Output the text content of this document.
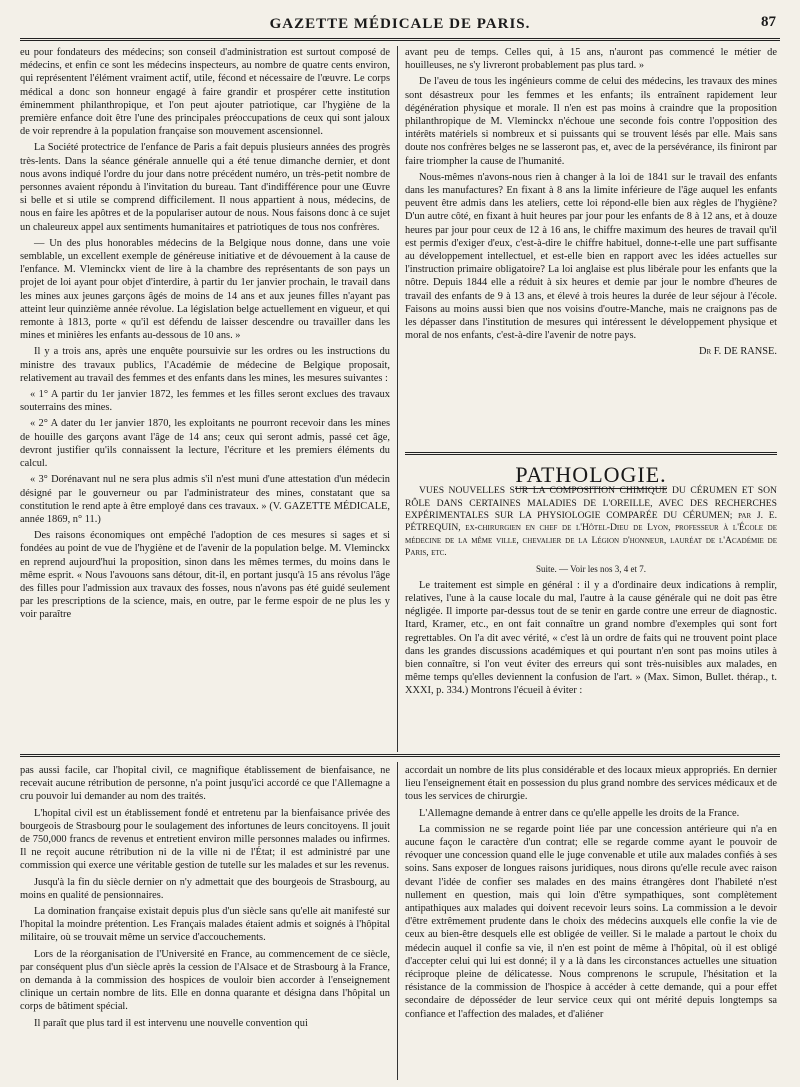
GAZETTE MÉDICALE DE PARIS.	87

eu pour fondateurs des médecins; son conseil d'administration est surtout composé de médecins, et enfin ce sont les médecins inspecteurs, au nombre de quatre cents environ, qui représentent l'élément vraiment actif, utile, fécond et nécessaire de l'œuvre. Le corps médical a donc son honneur engagé à faire grandir et prospérer cette institution éminemment philanthropique, et l'on peut ajouter patriotique, car l'hygiène de la première enfance doit être l'une des principales préoccupations de ceux qui sont jaloux de voir reprendre à la population française son mouvement ascensionnel.

La Société protectrice de l'enfance de Paris a fait depuis plusieurs années des progrès très-lents. Dans la séance générale annuelle qui a été tenue dimanche dernier, et dont nous avons indiqué l'ordre du jour dans notre précédent numéro, un très-petit nombre de personnes avaient répondu à l'invitation du bureau. Tant d'indifférence pour une Œuvre si belle et si utile se comprend difficilement. Il nous appartient à nous, médecins, de nous en faire les apôtres et de la populariser autour de nous. Nous faisons donc à ce sujet un chaleureux appel aux sentiments humanitaires et patriotiques de tous nos confrères.

— Un des plus honorables médecins de la Belgique nous donne, dans une voie semblable, un excellent exemple de généreuse initiative et de dévouement à la cause de l'enfance. M. Vleminckx vient de lire à la chambre des représentants de son pays un projet de loi ayant pour objet d'interdire, à partir du 1er janvier prochain, le travail dans les mines aux jeunes garçons âgés de moins de 14 ans et aux jeunes filles n'ayant pas atteint leur quinzième année révolue. La législation belge actuellement en vigueur, et qui remonte à 1813, porte « qu'il est défendu de laisser descendre ou travailler dans les mines et minières les enfants au-dessous de 10 ans. »

Il y a trois ans, après une enquête poursuivie sur les ordres ou les instructions du ministre des travaux publics, l'Académie de médecine de Belgique proposait, relativement au travail des femmes et des enfants dans les mines, les mesures suivantes :

« 1° A partir du 1er janvier 1872, les femmes et les filles seront exclues des travaux souterrains des mines.

« 2° A dater du 1er janvier 1870, les exploitants ne pourront recevoir dans les mines de houille des garçons avant l'âge de 14 ans; ceux qui seront admis, passé cet âge, devront justifier qu'ils connaissent la lecture, l'écriture et les premiers éléments du calcul.

« 3° Dorénavant nul ne sera plus admis s'il n'est muni d'une attestation d'un médecin désigné par le gouverneur ou par l'administrateur des mines, constatant que sa constitution le rend apte à être employé dans ces travaux. » (V. GAZETTE MÉDICALE, année 1869, n° 11.)

Des raisons économiques ont empêché l'adoption de ces mesures si sages et si fondées au point de vue de l'hygiène et de l'avenir de la population belge. M. Vleminckx en reprend aujourd'hui la proposition, sinon dans les mêmes termes, du moins dans le même esprit. « Nous l'avouons sans détour, dit-il, en portant jusqu'à 15 ans révolus l'âge des filles pour l'admission aux travaux des fosses, nous n'avons pas été guidé seulement par les prescriptions de la science, mais, en outre, par le ferme espoir de ne plus les y voir paraître

avant peu de temps. Celles qui, à 15 ans, n'auront pas commencé le métier de houilleuses, ne s'y livreront probablement pas plus tard. »

De l'aveu de tous les ingénieurs comme de celui des médecins, les travaux des mines sont désastreux pour les femmes et les enfants; ils entraînent rapidement leur dégénération physique et morale. Il n'en est pas moins à craindre que la proposition philanthropique de M. Vleminckx n'échoue une seconde fois contre l'opposition des intérêts matériels si nombreux et si puissants qui se trouvent lésés par elle. Mais sans doute nos confrères belges ne se lasseront pas, et, avec de la persévérance, ils finiront par faire triompher la cause de l'humanité.

Nous-mêmes n'avons-nous rien à changer à la loi de 1841 sur le travail des enfants dans les manufactures? En fixant à 8 ans la limite inférieure de l'âge auquel les enfants peuvent être admis dans les ateliers, cette loi répond-elle bien aux règles de l'hygiène? D'un autre côté, en fixant à huit heures par jour pour les enfants de 8 à 12 ans, et à douze heures par jour pour ceux de 12 à 16 ans, le chiffre maximum des heures de travail qu'il est permis d'exiger d'eux, c'est-à-dire le chiffre habituel, donne-t-elle une part suffisante au développement intellectuel, et est-elle bien en rapport avec les idées actuelles sur l'instruction primaire obligatoire? La loi anglaise est plus libérale pour les enfants que la nôtre. Depuis 1844 elle a réduit à six heures et demie par jour le nombre d'heures de travail des enfants de 9 à 13 ans, et élevé à trois heures la durée de leur séjour à l'école. Faisons au moins aussi bien que nos voisins d'outre-Manche, mais ne craignons pas de les dépasser dans l'institution de mesures qui intéressent le développement physique et moral de nos enfants, c'est-à-dire l'avenir de notre pays.

Dr F. DE RANSE.

PATHOLOGIE.

VUES NOUVELLES SUR LA COMPOSITION CHIMIQUE DU CÉRUMEN ET SON RÔLE DANS CERTAINES MALADIES DE L'OREILLE, AVEC DES RECHERCHES EXPÉRIMENTALES SUR LA PHYSIOLOGIE COMPARÉE DU CÉRUMEN; par J. E. PÉTREQUIN, ex-chirurgien en chef de l'Hôtel-Dieu de Lyon, professeur à l'École de médecine de la même ville, chevalier de la Légion d'honneur, lauréat de l'Académie de Paris, etc.

Suite. — Voir les nos 3, 4 et 7.

Le traitement est simple en général : il y a d'ordinaire deux indications à remplir, relatives, l'une à la cause locale du mal, l'autre à la cause générale qui ne doit pas être négligée. Il importe par-dessus tout de se tenir en garde contre une erreur de diagnostic. Itard, Kramer, etc., en ont fait connaître un grand nombre d'exemples qui sont fort regrettables. On l'a dit avec vérité, « c'est là un ordre de faits qui ne trouvent point place dans les grandes discussions académiques et qui pourtant n'en sont pas moins utiles à bien connaître, si l'on veut éviter des erreurs qui sont très-nuisibles aux malades, en même temps qu'elles deviennent la confusion de l'art. » (Max. Simon, Bullet. thérap., t. XXXI, p. 334.) Montrons l'écueil à éviter :

pas aussi facile, car l'hopital civil, ce magnifique établissement de bienfaisance, ne recevait aucune rétribution de personne, n'a point jusqu'ici accordé ce que l'Allemagne a cru pouvoir lui demander au nom des traités.

L'hopital civil est un établissement fondé et entretenu par la bienfaisance privée des bourgeois de Strasbourg pour le soulagement des infortunes de leurs concitoyens. Il jouit de 750,000 francs de revenus et entretient environ mille personnes malades ou infirmes. Il ne reçoit aucune rétribution ni de la ville ni de l'État; il est administré par une commission qui exerce une véritable gestion de tutelle sur les malades et sur les revenus.

Jusqu'à la fin du siècle dernier on n'y admettait que des bourgeois de Strasbourg, au moins en qualité de pensionnaires.

La domination française existait depuis plus d'un siècle sans qu'elle ait manifesté sur l'hopital la moindre prétention. Les Français malades étaient admis et soignés à l'hôpital militaire, où se trouvait même un service d'accouchements.

Lors de la réorganisation de l'Université en France, au commencement de ce siècle, par conséquent plus d'un siècle après la cession de l'Alsace et de Strasbourg à la France, on demanda à la commission des hospices de vouloir bien accorder à l'enseignement clinique un certain nombre de lits. Elle en donna quarante et désigna dans l'hôpital un corps de bâtiment spécial.

Il paraît que plus tard il est intervenu une nouvelle convention qui

accordait un nombre de lits plus considérable et des locaux mieux appropriés. En dernier lieu l'enseignement était en possession du plus grand nombre des services médicaux et de tous les services de chirurgie.

L'Allemagne demande à entrer dans ce qu'elle appelle les droits de la France.

La commission ne se regarde point liée par une concession antérieure qui n'a en aucune façon le caractère d'un contrat; elle se regarde comme ayant le pouvoir de révoquer une concession quand elle le juge convenable et utile aux malades confiés à ses soins. Sans exposer de longues raisons juridiques, nous dirons qu'elle recule avec raison devant l'idée de confier ses malades en des mains étrangères dont l'habileté n'est nullement en question, mais qui loin d'être sympathiques, sont complètement antipathiques aux malades qui doivent recevoir leurs soins. La commission a le devoir d'être extrêmement prudente dans le choix des médecins auxquels elle confie la vie de ceux au bien-être desquels elle est obligée de veiller. Si le malade a partout le choix du médecin auquel il confie sa vie, il n'en est point de même à l'hôpital, où il est obligé d'accepter celui qui lui est donné; il y a là dans les circonstances actuelles une situation réciproque pleine de délicatesse. Nous comprenons le scrupule, l'hésitation et la résistance de la commission de l'hospice à accéder à cette demande, qui a pour effet secondaire de déposséder de leur service ceux qui ont mérité depuis longtemps sa confiance et l'affection des malades, et d'aliéner
